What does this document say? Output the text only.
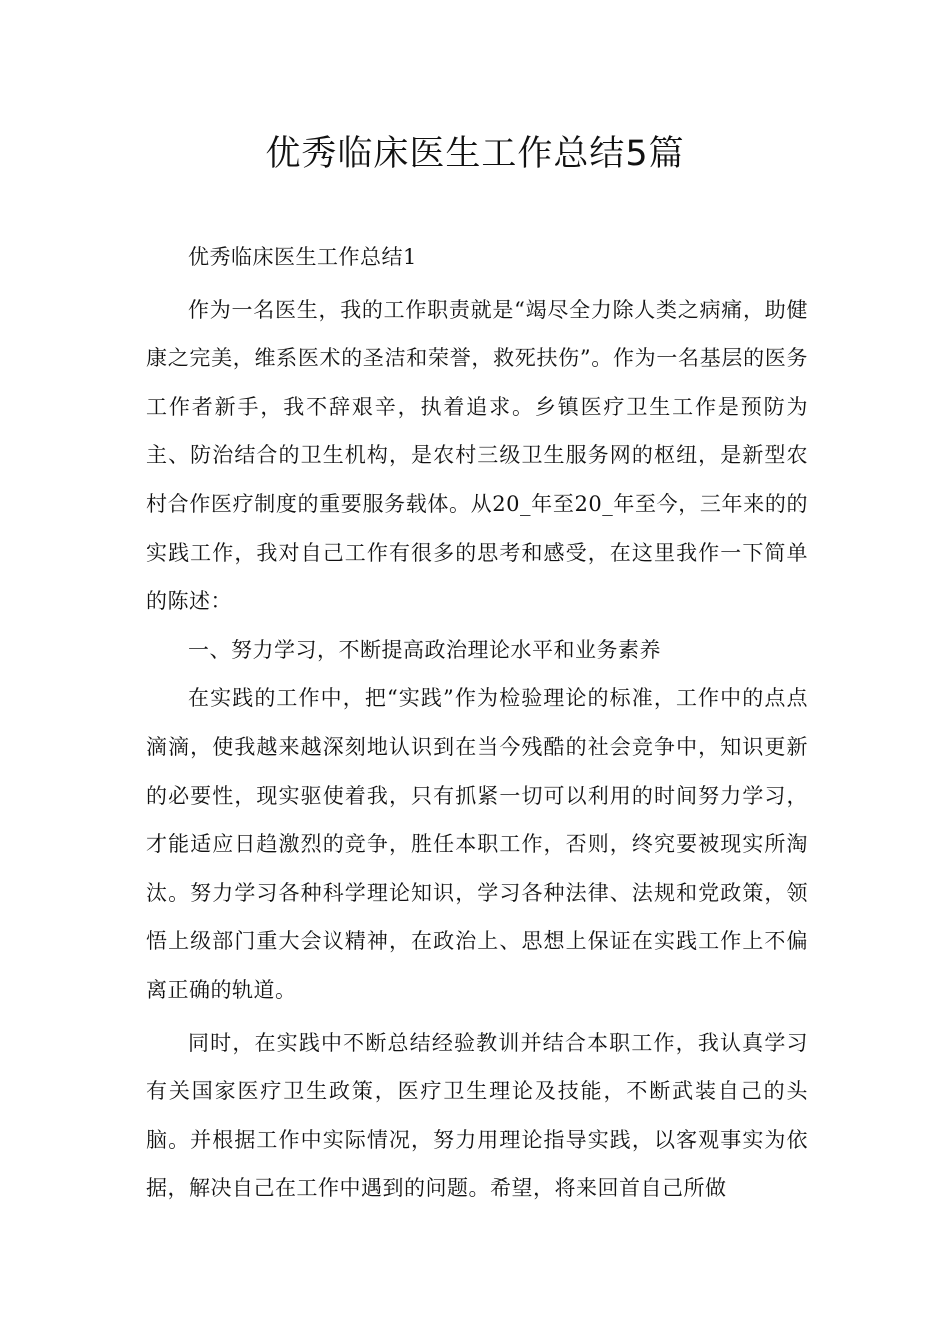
优秀临床医生工作总结5篇

优秀临床医生工作总结1

作为一名医生，我的工作职责就是“竭尽全力除人类之病痛，助健康之完美，维系医术的圣洁和荣誉，救死扶伤”。作为一名基层的医务工作者新手，我不辞艰辛，执着追求。乡镇医疗卫生工作是预防为主、防治结合的卫生机构，是农村三级卫生服务网的枢纽，是新型农村合作医疗制度的重要服务载体。从20_年至20_年至今，三年来的的实践工作，我对自己工作有很多的思考和感受，在这里我作一下简单的陈述：

一、努力学习，不断提高政治理论水平和业务素养

在实践的工作中，把“实践”作为检验理论的标准，工作中的点点滴滴，使我越来越深刻地认识到在当今残酷的社会竞争中，知识更新的必要性，现实驱使着我，只有抓紧一切可以利用的时间努力学习，才能适应日趋激烈的竞争，胜任本职工作，否则，终究要被现实所淘汰。努力学习各种科学理论知识，学习各种法律、法规和党政策，领悟上级部门重大会议精神，在政治上、思想上保证在实践工作上不偏离正确的轨道。

同时，在实践中不断总结经验教训并结合本职工作，我认真学习有关国家医疗卫生政策，医疗卫生理论及技能，不断武装自己的头脑。并根据工作中实际情况，努力用理论指导实践，以客观事实为依据，解决自己在工作中遇到的问题。希望，将来回首自己所做
